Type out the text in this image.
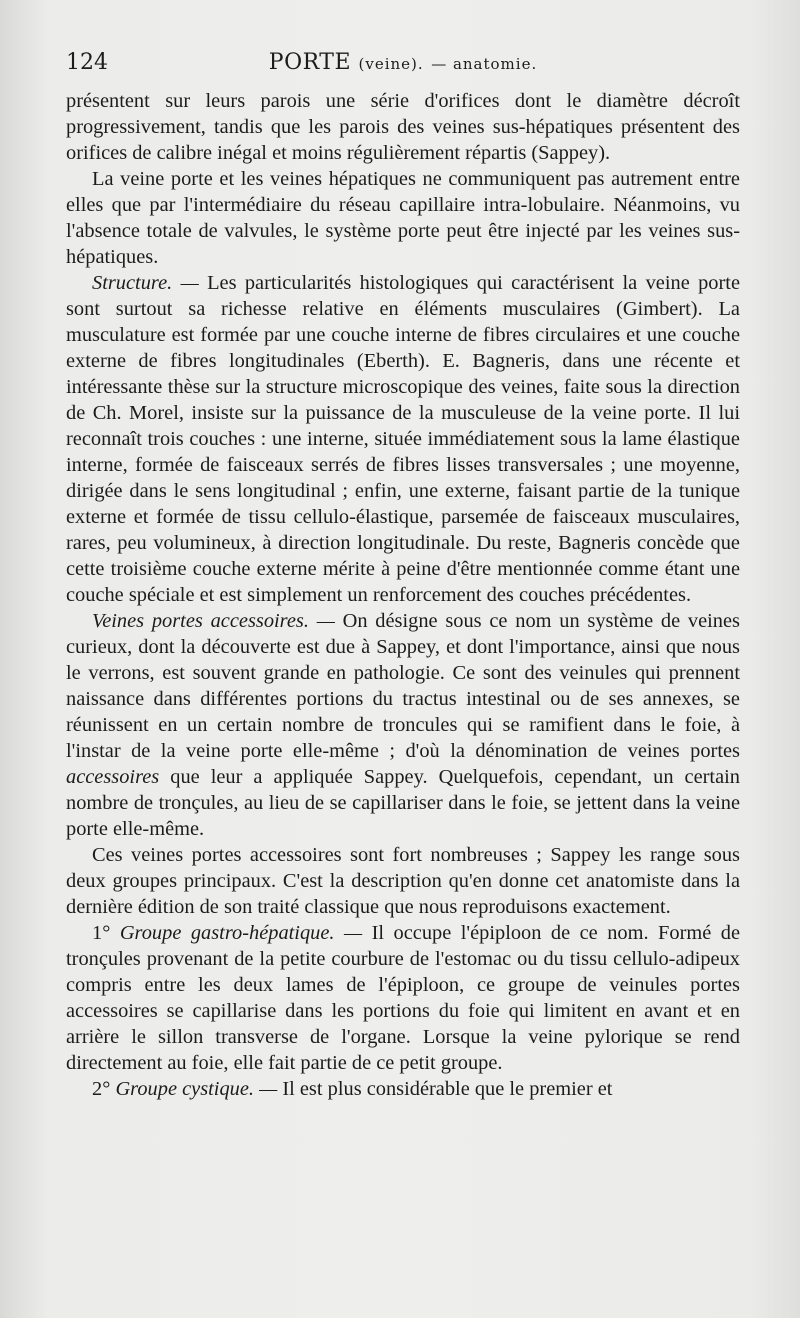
124	PORTE (veine). — anatomie.

présentent sur leurs parois une série d'orifices dont le diamètre décroît progressivement, tandis que les parois des veines sus-hépatiques présentent des orifices de calibre inégal et moins régulièrement répartis (Sappey).

La veine porte et les veines hépatiques ne communiquent pas autrement entre elles que par l'intermédiaire du réseau capillaire intra-lobulaire. Néanmoins, vu l'absence totale de valvules, le système porte peut être injecté par les veines sus-hépatiques.

Structure. — Les particularités histologiques qui caractérisent la veine porte sont surtout sa richesse relative en éléments musculaires (Gimbert). La musculature est formée par une couche interne de fibres circulaires et une couche externe de fibres longitudinales (Eberth). E. Bagneris, dans une récente et intéressante thèse sur la structure microscopique des veines, faite sous la direction de Ch. Morel, insiste sur la puissance de la musculeuse de la veine porte. Il lui reconnaît trois couches : une interne, située immédiatement sous la lame élastique interne, formée de faisceaux serrés de fibres lisses transversales ; une moyenne, dirigée dans le sens longitudinal ; enfin, une externe, faisant partie de la tunique externe et formée de tissu cellulo-élastique, parsemée de faisceaux musculaires, rares, peu volumineux, à direction longitudinale. Du reste, Bagneris concède que cette troisième couche externe mérite à peine d'être mentionnée comme étant une couche spéciale et est simplement un renforcement des couches précédentes.

Veines portes accessoires. — On désigne sous ce nom un système de veines curieux, dont la découverte est due à Sappey, et dont l'importance, ainsi que nous le verrons, est souvent grande en pathologie. Ce sont des veinules qui prennent naissance dans différentes portions du tractus intestinal ou de ses annexes, se réunissent en un certain nombre de troncules qui se ramifient dans le foie, à l'instar de la veine porte elle-même ; d'où la dénomination de veines portes accessoires que leur a appliquée Sappey. Quelquefois, cependant, un certain nombre de tronçules, au lieu de se capillariser dans le foie, se jettent dans la veine porte elle-même.

Ces veines portes accessoires sont fort nombreuses ; Sappey les range sous deux groupes principaux. C'est la description qu'en donne cet anatomiste dans la dernière édition de son traité classique que nous reproduisons exactement.

1° Groupe gastro-hépatique. — Il occupe l'épiploon de ce nom. Formé de tronçules provenant de la petite courbure de l'estomac ou du tissu cellulo-adipeux compris entre les deux lames de l'épiploon, ce groupe de veinules portes accessoires se capillarise dans les portions du foie qui limitent en avant et en arrière le sillon transverse de l'organe. Lorsque la veine pylorique se rend directement au foie, elle fait partie de ce petit groupe.

2° Groupe cystique. — Il est plus considérable que le premier et
